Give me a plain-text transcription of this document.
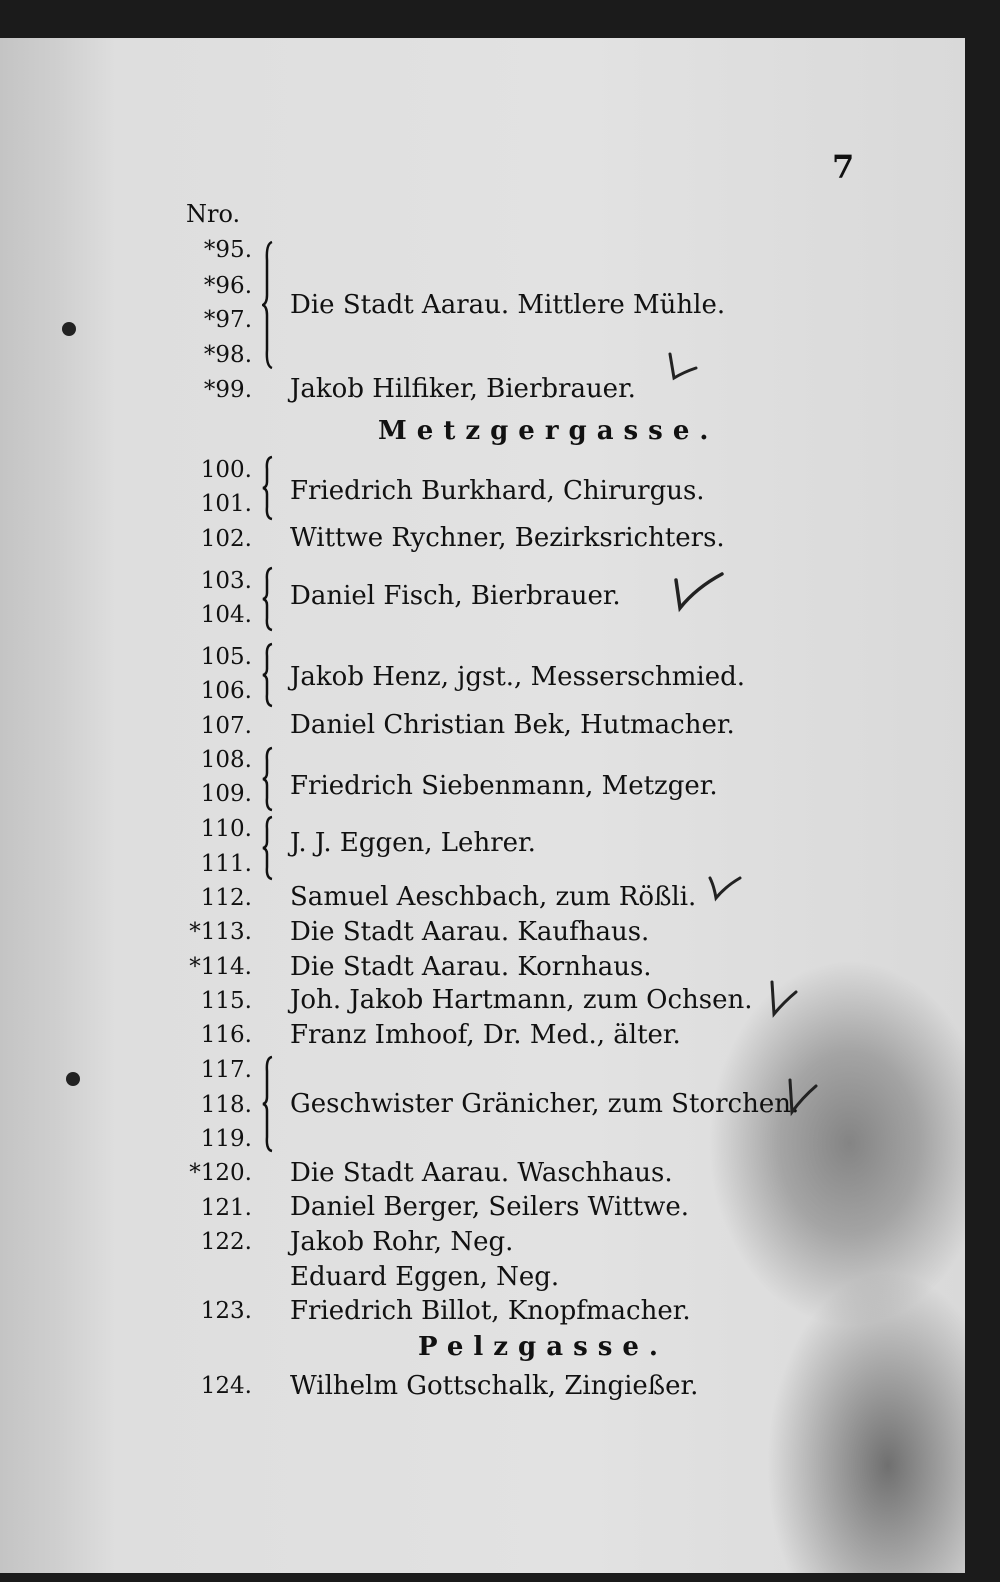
7
Nro.
*95.
*96.
*97.
*98.
*99.
100.
101.
102.
103.
104.
105.
106.
107.
108.
109.
110.
111.
112.
*113.
*114.
115.
116.
117.
118.
119.
*120.
121.
122.
123.
124.
Die Stadt Aarau. Mittlere Mühle.
Jakob Hilfiker, Bierbrauer.
Metzgergasse.
Friedrich Burkhard, Chirurgus.
Wittwe Rychner, Bezirksrichters.
Daniel Fisch, Bierbrauer.
Jakob Henz, jgst., Messerschmied.
Daniel Christian Bek, Hutmacher.
Friedrich Siebenmann, Metzger.
J. J. Eggen, Lehrer.
Samuel Aeschbach, zum Rößli.
Die Stadt Aarau. Kaufhaus.
Die Stadt Aarau. Kornhaus.
Joh. Jakob Hartmann, zum Ochsen.
Franz Imhoof, Dr. Med., älter.
Geschwister Gränicher, zum Storchen.
Die Stadt Aarau. Waschhaus.
Daniel Berger, Seilers Wittwe.
Jakob Rohr, Neg.
Eduard Eggen, Neg.
Friedrich Billot, Knopfmacher.
Pelzgasse.
Wilhelm Gottschalk, Zingießer.
